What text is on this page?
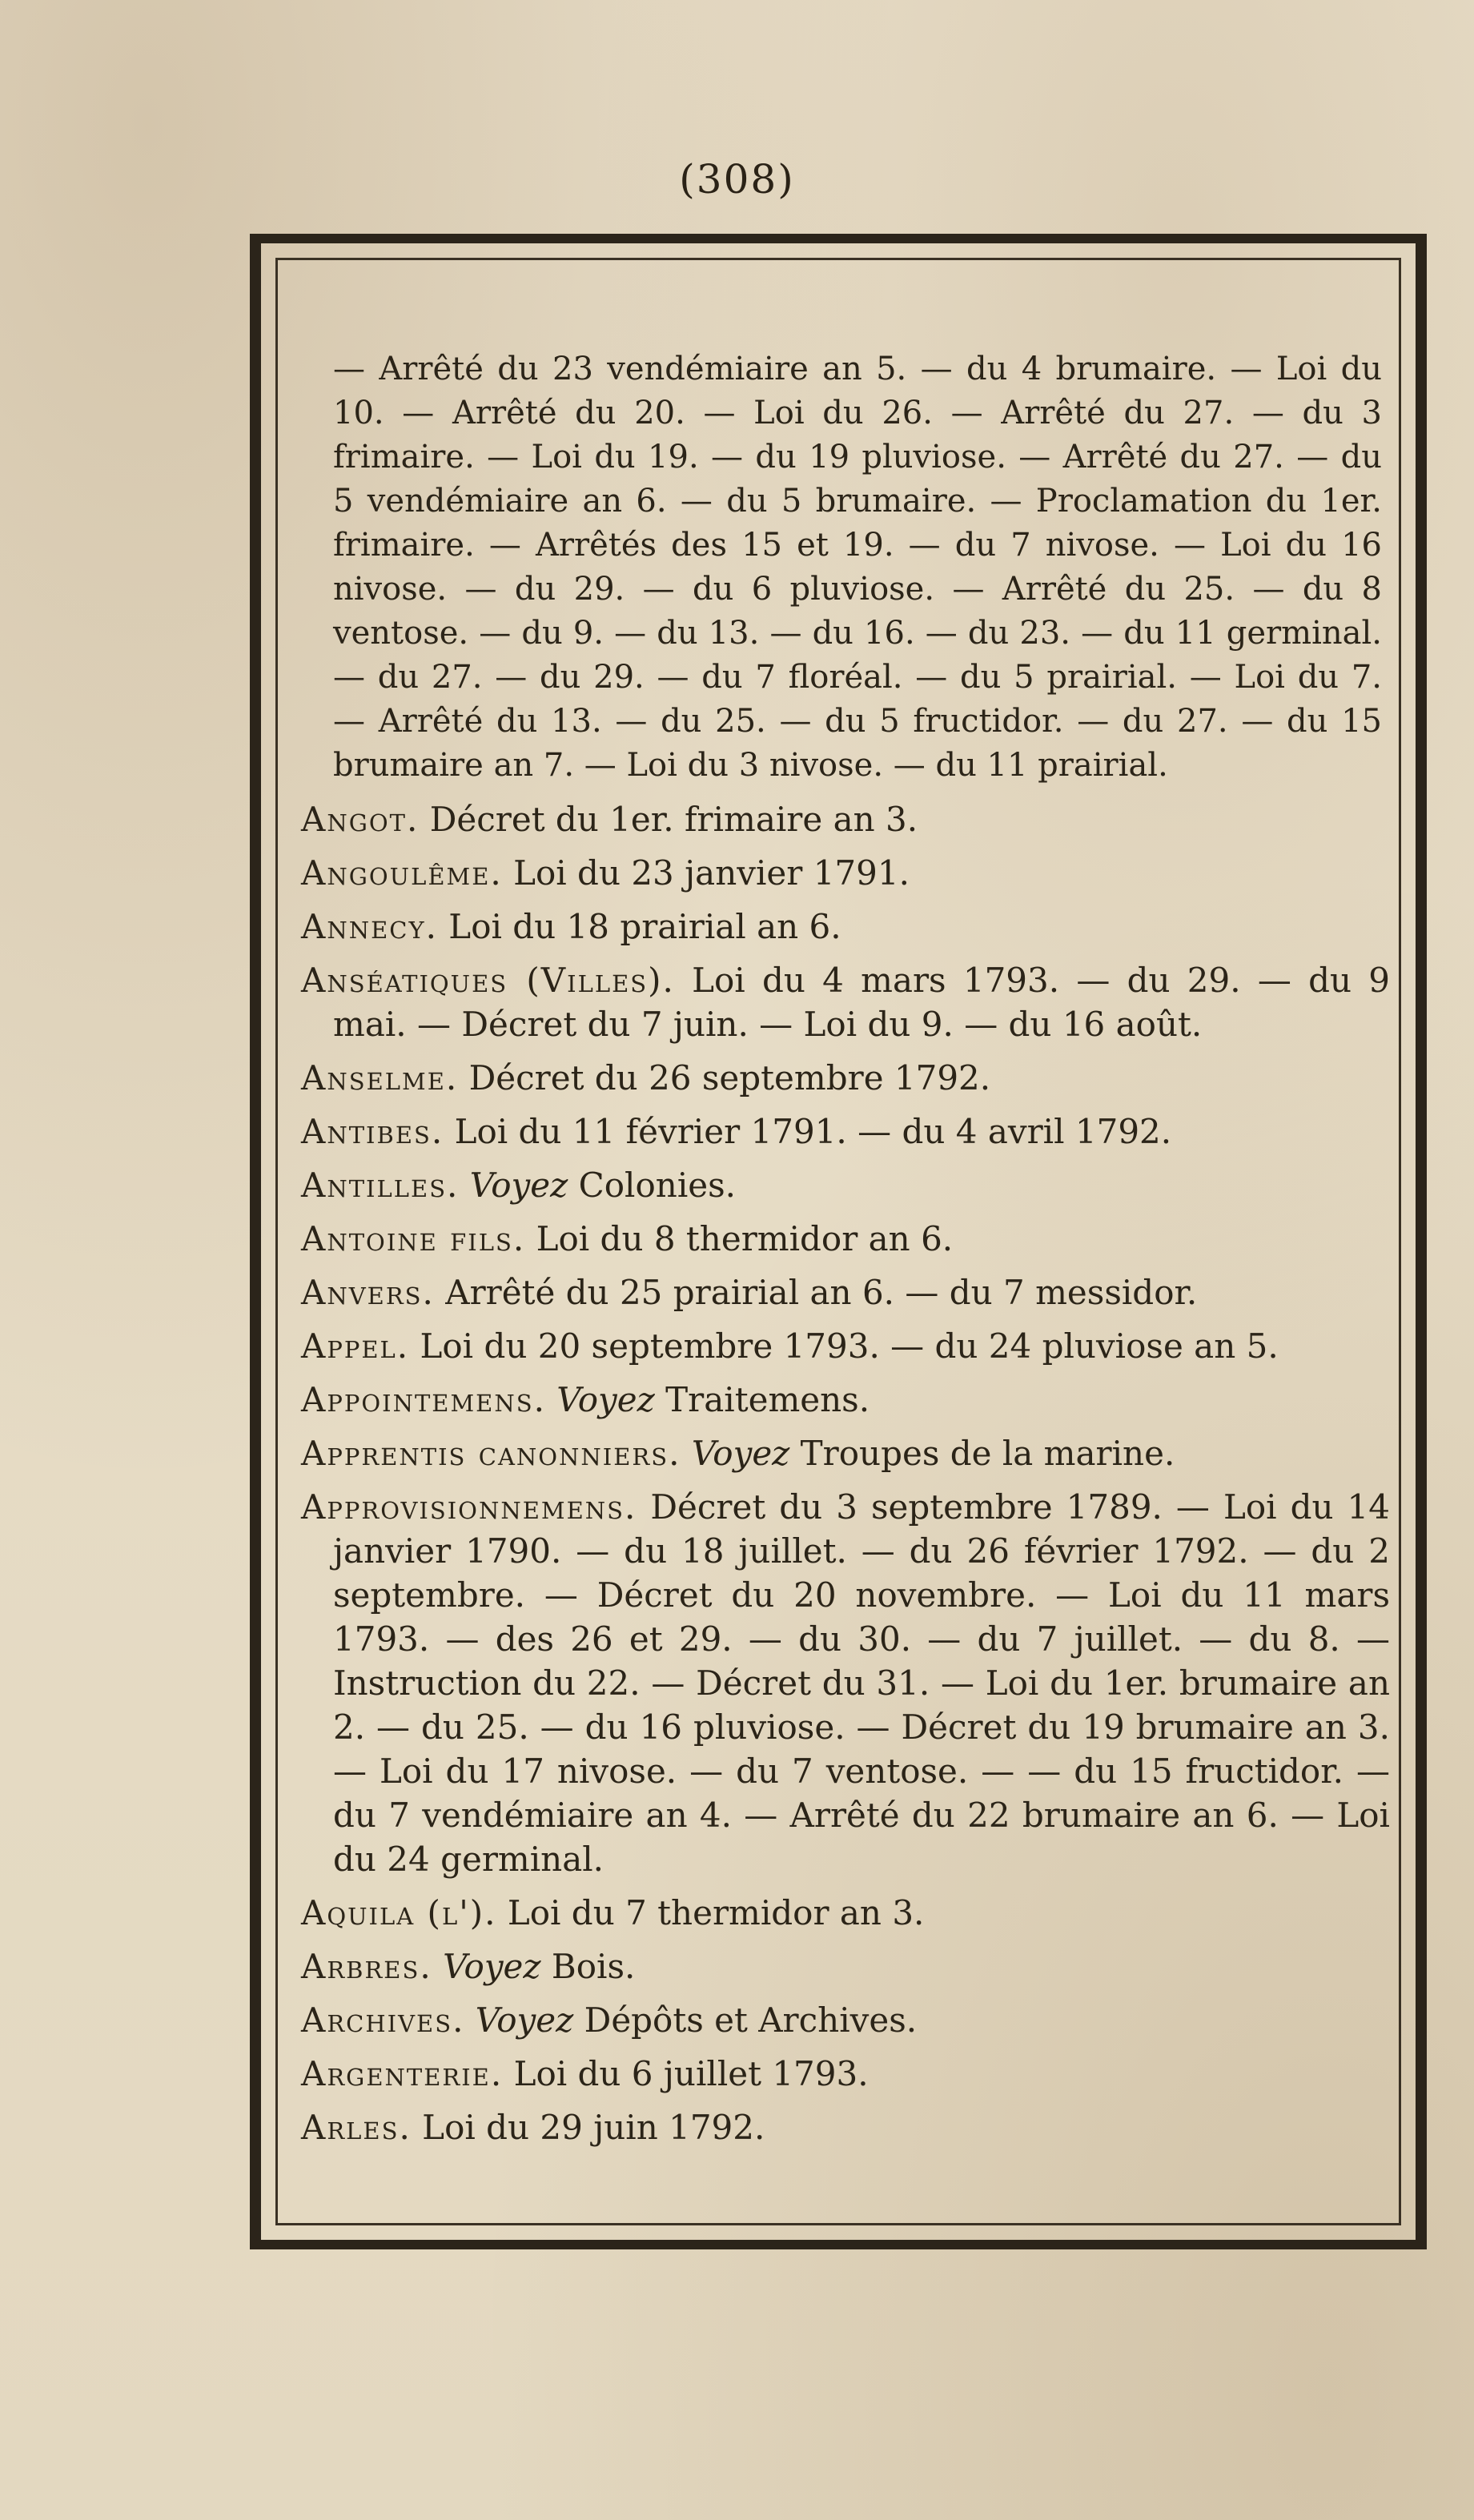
(308)

— Arrêté du 23 vendémiaire an 5. — du 4 brumaire. — Loi du 10. — Arrêté du 20. — Loi du 26. — Arrêté du 27. — du 3 frimaire. — Loi du 19. — du 19 pluviose. — Arrêté du 27. — du 5 vendémiaire an 6. — du 5 brumaire. — Proclamation du 1er. frimaire. — Arrêtés des 15 et 19. — du 7 nivose. — Loi du 16 nivose. — du 29. — du 6 pluviose. — Arrêté du 25. — du 8 ventose. — du 9. — du 13. — du 16. — du 23. — du 11 germinal. — du 27. — du 29. — du 7 floréal. — du 5 prairial. — Loi du 7. — Arrêté du 13. — du 25. — du 5 fructidor. — du 27. — du 15 brumaire an 7. — Loi du 3 nivose. — du 11 prairial.

Angot. Décret du 1er. frimaire an 3.

Angoulême. Loi du 23 janvier 1791.

Annecy. Loi du 18 prairial an 6.

Anséatiques (Villes). Loi du 4 mars 1793. — du 29. — du 9 mai. — Décret du 7 juin. — Loi du 9. — du 16 août.

Anselme. Décret du 26 septembre 1792.

Antibes. Loi du 11 février 1791. — du 4 avril 1792.

Antilles. Voyez Colonies.

Antoine fils. Loi du 8 thermidor an 6.

Anvers. Arrêté du 25 prairial an 6. — du 7 messidor.

Appel. Loi du 20 septembre 1793. — du 24 pluviose an 5.

Appointemens. Voyez Traitemens.

Apprentis canonniers. Voyez Troupes de la marine.

Approvisionnemens. Décret du 3 septembre 1789. — Loi du 14 janvier 1790. — du 18 juillet. — du 26 février 1792. — du 2 septembre. — Décret du 20 novembre. — Loi du 11 mars 1793. — des 26 et 29. — du 30. — du 7 juillet. — du 8. — Instruction du 22. — Décret du 31. — Loi du 1er. brumaire an 2. — du 25. — du 16 pluviose. — Décret du 19 brumaire an 3. — Loi du 17 nivose. — du 7 ventose. — — du 15 fructidor. — du 7 vendémiaire an 4. — Arrêté du 22 brumaire an 6. — Loi du 24 germinal.

Aquila (l'). Loi du 7 thermidor an 3.

Arbres. Voyez Bois.

Archives. Voyez Dépôts et Archives.

Argenterie. Loi du 6 juillet 1793.

Arles. Loi du 29 juin 1792.
